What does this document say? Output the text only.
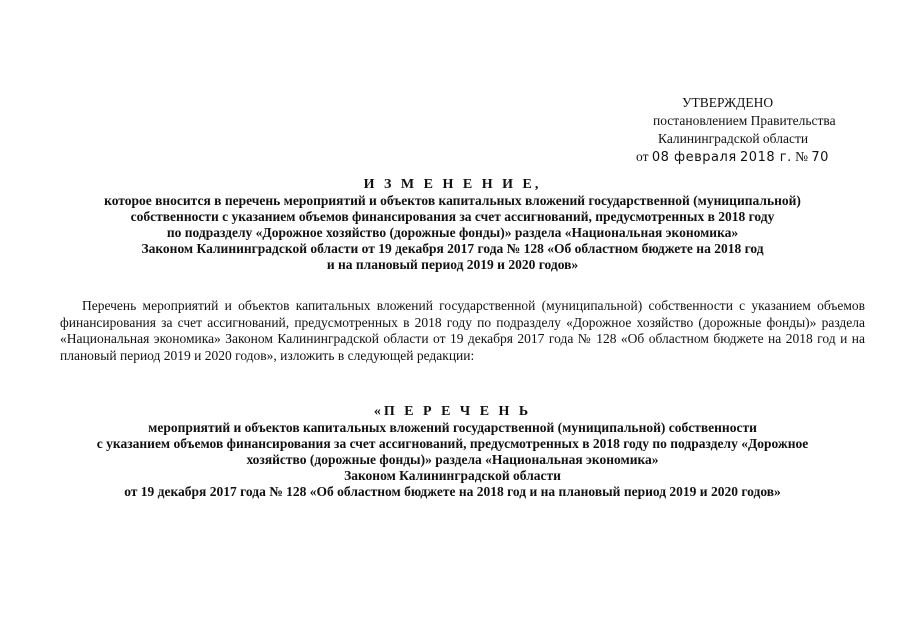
УТВЕРЖДЕНО
постановлением Правительства
Калининградской области
от 08 февраля 2018 г. № 70
И З М Е Н Е Н И Е,
которое вносится в перечень мероприятий и объектов капитальных вложений государственной (муниципальной)
собственности с указанием объемов финансирования за счет ассигнований, предусмотренных в 2018 году
по подразделу «Дорожное хозяйство (дорожные фонды)» раздела «Национальная экономика»
Законом Калининградской области от 19 декабря 2017 года № 128 «Об областном бюджете на 2018 год
и на плановый период 2019 и 2020 годов»
Перечень мероприятий и объектов капитальных вложений государственной (муниципальной) собственности с указанием объемов финансирования за счет ассигнований, предусмотренных в 2018 году по подразделу «Дорожное хозяйство (дорожные фонды)» раздела «Национальная экономика» Законом Калининградской области от 19 декабря 2017 года № 128 «Об областном бюджете на 2018 год и на плановый период 2019 и 2020 годов», изложить в следующей редакции:
«П Е Р Е Ч Е Н Ь
мероприятий и объектов капитальных вложений государственной (муниципальной) собственности
с указанием объемов финансирования за счет ассигнований, предусмотренных в 2018 году по подразделу «Дорожное
хозяйство (дорожные фонды)» раздела «Национальная экономика»
Законом Калининградской области
от 19 декабря 2017 года № 128 «Об областном бюджете на 2018 год и на плановый период 2019 и 2020 годов»
